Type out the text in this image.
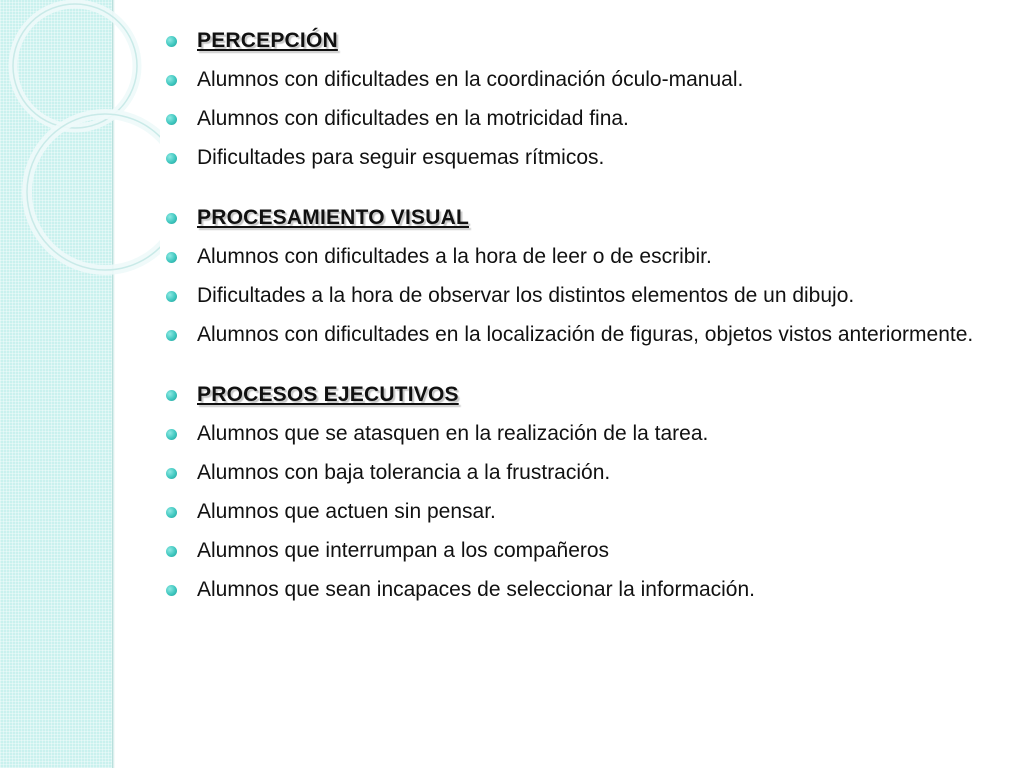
PERCEPCIÓN
Alumnos con dificultades en la coordinación óculo-manual.
Alumnos con dificultades en la motricidad fina.
Dificultades para seguir esquemas rítmicos.
PROCESAMIENTO VISUAL
Alumnos con dificultades a la hora de leer o de escribir.
Dificultades a la hora de observar los distintos elementos de un dibujo.
Alumnos con dificultades en la localización de figuras, objetos vistos anteriormente.
PROCESOS EJECUTIVOS
Alumnos que se atasquen en la realización de la tarea.
Alumnos con baja tolerancia a la frustración.
Alumnos que actuen sin pensar.
Alumnos que interrumpan a los compañeros
Alumnos que sean incapaces de seleccionar la información.
